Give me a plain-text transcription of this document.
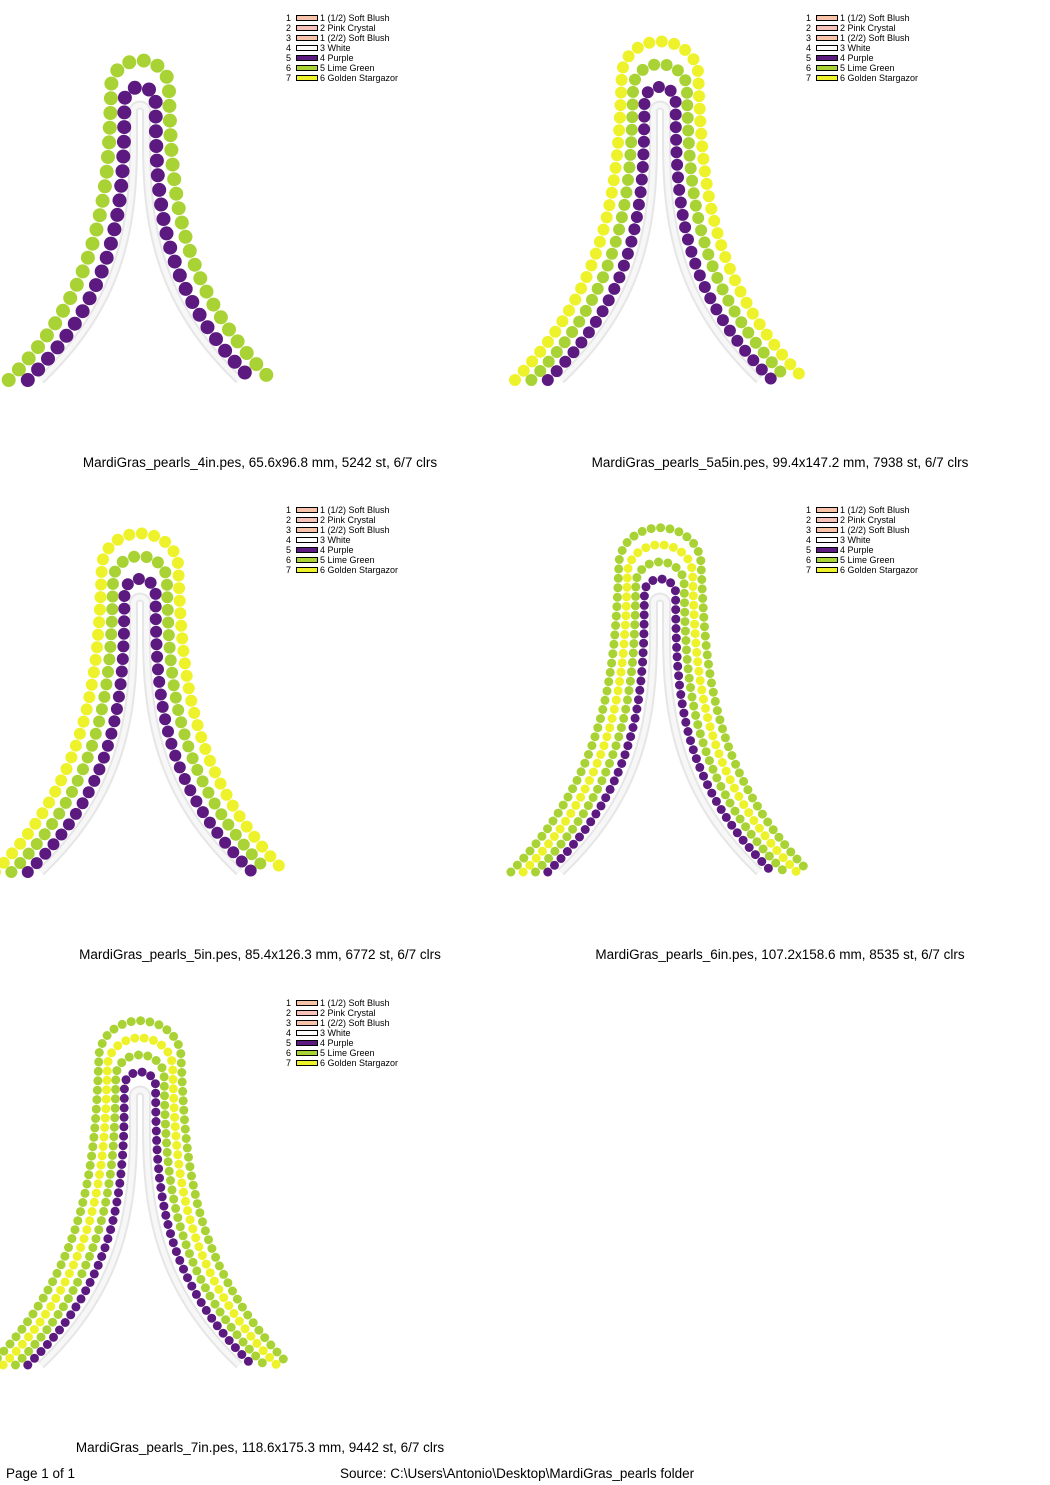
1	1 (1/2) Soft Blush
2	2 Pink Crystal
3	1 (2/2) Soft Blush
4	3 White
5	4 Purple
6	5 Lime Green
7	6 Golden Stargazor
MardiGras_pearls_4in.pes, 65.6x96.8 mm, 5242 st, 6/7 clrs
1	1 (1/2) Soft Blush
2	2 Pink Crystal
3	1 (2/2) Soft Blush
4	3 White
5	4 Purple
6	5 Lime Green
7	6 Golden Stargazor
MardiGras_pearls_5a5in.pes, 99.4x147.2 mm, 7938 st, 6/7 clrs
1	1 (1/2) Soft Blush
2	2 Pink Crystal
3	1 (2/2) Soft Blush
4	3 White
5	4 Purple
6	5 Lime Green
7	6 Golden Stargazor
MardiGras_pearls_5in.pes, 85.4x126.3 mm, 6772 st, 6/7 clrs
1	1 (1/2) Soft Blush
2	2 Pink Crystal
3	1 (2/2) Soft Blush
4	3 White
5	4 Purple
6	5 Lime Green
7	6 Golden Stargazor
MardiGras_pearls_6in.pes, 107.2x158.6 mm, 8535 st, 6/7 clrs
1	1 (1/2) Soft Blush
2	2 Pink Crystal
3	1 (2/2) Soft Blush
4	3 White
5	4 Purple
6	5 Lime Green
7	6 Golden Stargazor
MardiGras_pearls_7in.pes, 118.6x175.3 mm, 9442 st, 6/7 clrs
Page 1 of 1	Source: C:\Users\Antonio\Desktop\MardiGras_pearls folder
